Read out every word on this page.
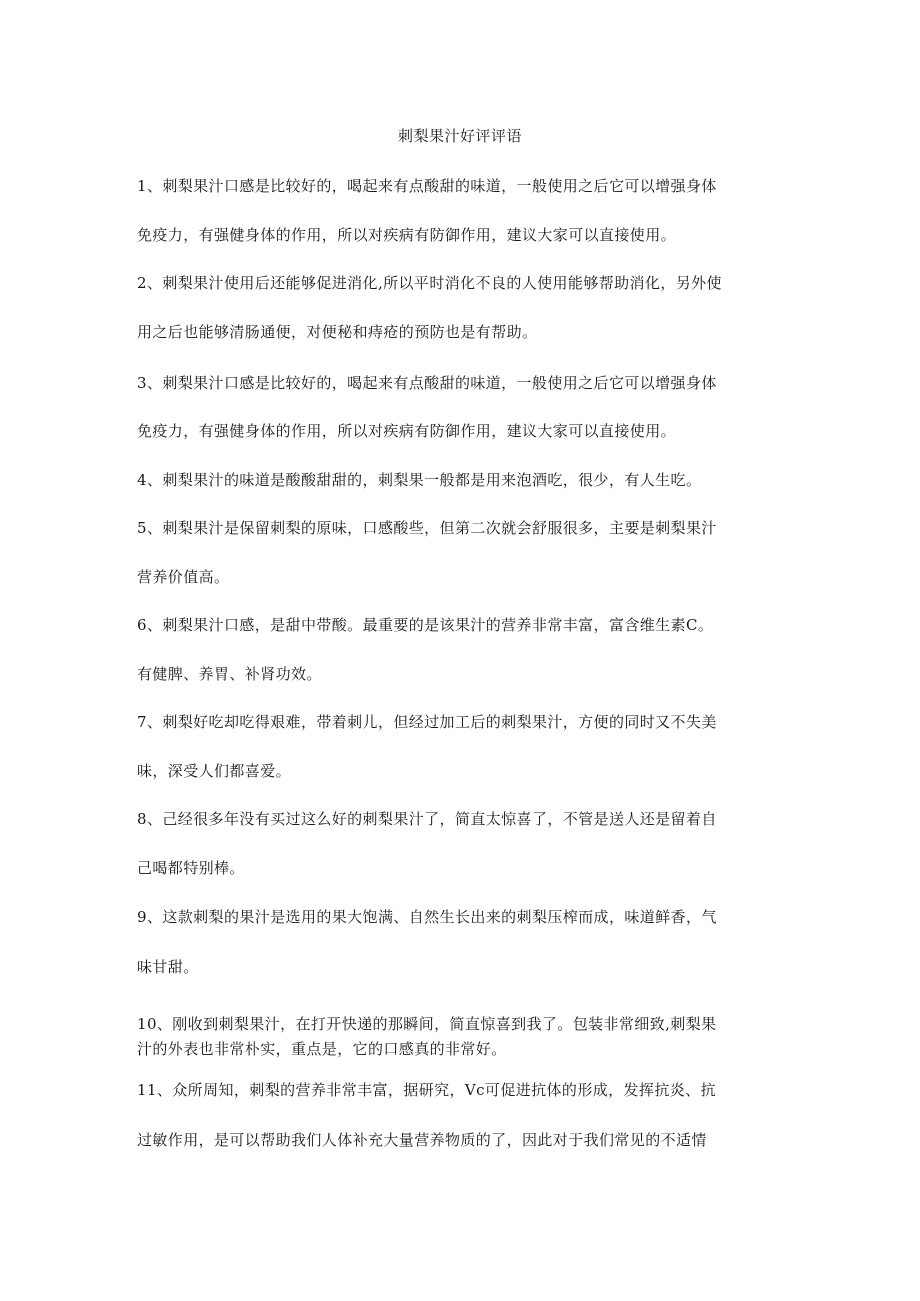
刺梨果汁好评评语
1、刺梨果汁口感是比较好的，喝起来有点酸甜的味道，一般使用之后它可以增强身体
免疫力，有强健身体的作用，所以对疾病有防御作用，建议大家可以直接使用。
2、刺梨果汁使用后还能够促进消化,所以平时消化不良的人使用能够帮助消化，另外使
用之后也能够清肠通便，对便秘和痔疮的预防也是有帮助。
3、刺梨果汁口感是比较好的，喝起来有点酸甜的味道，一般使用之后它可以增强身体
免疫力，有强健身体的作用，所以对疾病有防御作用，建议大家可以直接使用。
4、刺梨果汁的味道是酸酸甜甜的，刺梨果一般都是用来泡酒吃，很少，有人生吃。
5、刺梨果汁是保留刺梨的原味，口感酸些，但第二次就会舒服很多，主要是刺梨果汁
营养价值高。
6、刺梨果汁口感，是甜中带酸。最重要的是该果汁的营养非常丰富，富含维生素C。
有健脾、养胃、补肾功效。
7、刺梨好吃却吃得艰难，带着刺儿，但经过加工后的刺梨果汁，方便的同时又不失美
味，深受人们都喜爱。
8、己经很多年没有买过这么好的刺梨果汁了，简直太惊喜了，不管是送人还是留着自
己喝都特别棒。
9、这款刺梨的果汁是选用的果大饱满、自然生长出来的刺梨压榨而成，味道鲜香，气
味甘甜。
10、刚收到刺梨果汁，在打开快递的那瞬间，简直惊喜到我了。包装非常细致,刺梨果
汁的外表也非常朴实，重点是，它的口感真的非常好。
11、众所周知，刺梨的营养非常丰富，据研究，Vc可促进抗体的形成，发挥抗炎、抗
过敏作用，是可以帮助我们人体补充大量营养物质的了，因此对于我们常见的不适情
